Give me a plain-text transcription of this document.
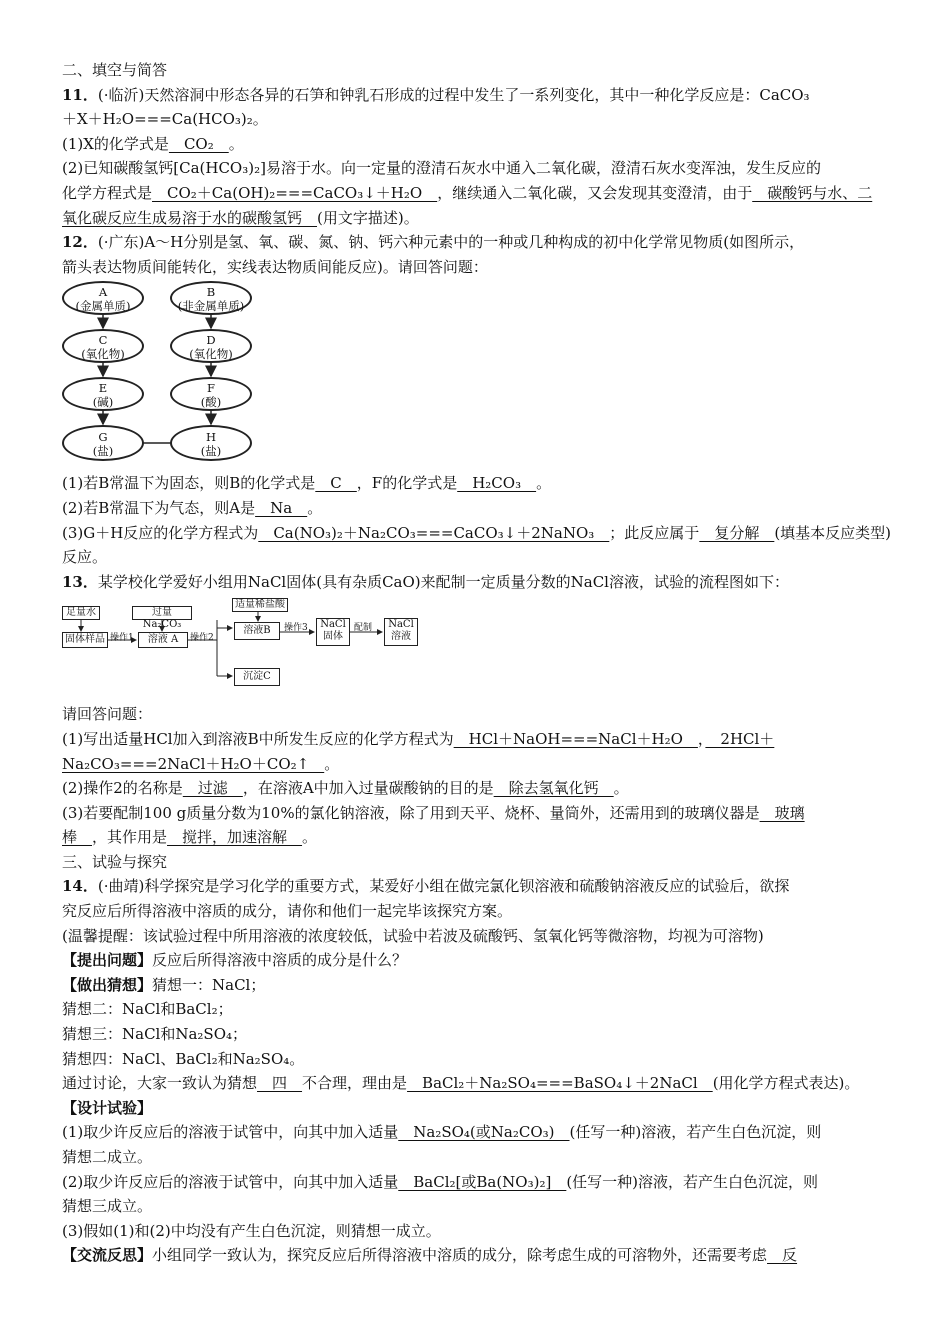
二、填空与简答
11．(·临沂)天然溶洞中形态各异的石笋和钟乳石形成的过程中发生了一系列变化，其中一种化学反应是：CaCO₃
＋X＋H₂O===Ca(HCO₃)₂。
(1)X的化学式是　CO₂　。
(2)已知碳酸氢钙[Ca(HCO₃)₂]易溶于水。向一定量的澄清石灰水中通入二氧化碳，澄清石灰水变浑浊，发生反应的
化学方程式是　CO₂＋Ca(OH)₂===CaCO₃↓＋H₂O　，继续通入二氧化碳，又会发现其变澄清，由于　碳酸钙与水、二
氧化碳反应生成易溶于水的碳酸氢钙　(用文字描述)。
12．(·广东)A～H分别是氢、氧、碳、氮、钠、钙六种元素中的一种或几种构成的初中化学常见物质(如图所示，
箭头表达物质间能转化，实线表达物质间能反应)。请回答问题：
A
(金属单质)
C
(氧化物)
E
(碱)
G
(盐)
B
(非金属单质)
D
(氧化物)
F
(酸)
H
(盐)
(1)若B常温下为固态，则B的化学式是　C　，F的化学式是　H₂CO₃　。
(2)若B常温下为气态，则A是　Na　。
(3)G＋H反应的化学方程式为　Ca(NO₃)₂＋Na₂CO₃===CaCO₃↓＋2NaNO₃　；此反应属于　复分解　(填基本反应类型)
反应。
13．某学校化学爱好小组用NaCl固体(具有杂质CaO)来配制一定质量分数的NaCl溶液，试验的流程图如下：
足量水	过量Na₂CO₃
固体样品 操作1	溶液 A	操作2
适量稀盐酸
溶液B	操作3	NaCl
固体
配制	NaCl
溶液
沉淀C
请回答问题：
(1)写出适量HCl加入到溶液B中所发生反应的化学方程式为　HCl＋NaOH===NaCl＋H₂O　，　2HCl＋
Na₂CO₃===2NaCl＋H₂O＋CO₂↑　。
(2)操作2的名称是　过滤　，在溶液A中加入过量碳酸钠的目的是　除去氢氧化钙　。
(3)若要配制100 g质量分数为10%的氯化钠溶液，除了用到天平、烧杯、量筒外，还需用到的玻璃仪器是　玻璃
棒　，其作用是　搅拌，加速溶解　。
三、试验与探究
14．(·曲靖)科学探究是学习化学的重要方式，某爱好小组在做完氯化钡溶液和硫酸钠溶液反应的试验后，欲探
究反应后所得溶液中溶质的成分，请你和他们一起完毕该探究方案。
(温馨提醒：该试验过程中所用溶液的浓度较低，试验中若波及硫酸钙、氢氧化钙等微溶物，均视为可溶物)
【提出问题】反应后所得溶液中溶质的成分是什么？
【做出猜想】猜想一：NaCl；
猜想二：NaCl和BaCl₂；
猜想三：NaCl和Na₂SO₄；
猜想四：NaCl、BaCl₂和Na₂SO₄。
通过讨论，大家一致认为猜想　四　不合理，理由是　BaCl₂＋Na₂SO₄===BaSO₄↓＋2NaCl　(用化学方程式表达)。
【设计试验】
(1)取少许反应后的溶液于试管中，向其中加入适量　Na₂SO₄(或Na₂CO₃)　(任写一种)溶液，若产生白色沉淀，则
猜想二成立。
(2)取少许反应后的溶液于试管中，向其中加入适量　BaCl₂[或Ba(NO₃)₂]　(任写一种)溶液，若产生白色沉淀，则
猜想三成立。
(3)假如(1)和(2)中均没有产生白色沉淀，则猜想一成立。
【交流反思】小组同学一致认为，探究反应后所得溶液中溶质的成分，除考虑生成的可溶物外，还需要考虑　反
